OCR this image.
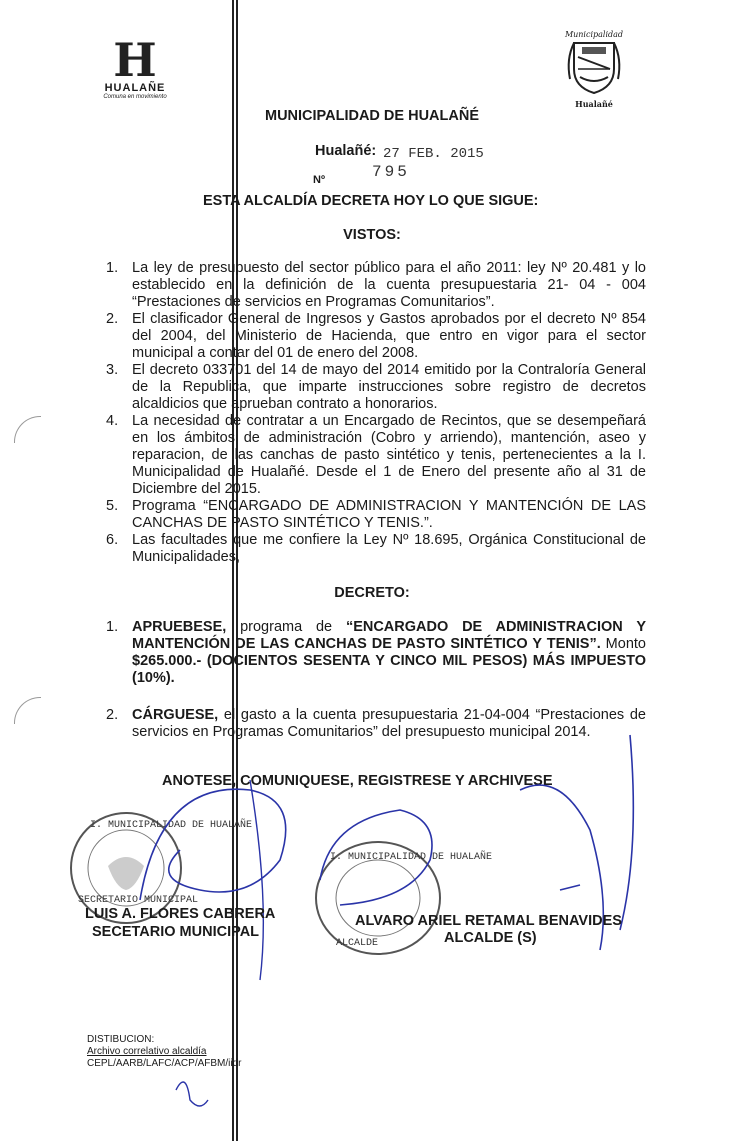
H
HUALAÑE
Comuna en movimiento
Municipalidad
Hualañé
MUNICIPALIDAD DE HUALAÑÉ
Hualañé: 27 FEB. 2015
Nº	795
ESTA ALCALDÍA DECRETA HOY LO QUE SIGUE:
VISTOS:
1. La ley de presupuesto del sector público para el año 2011: ley Nº 20.481 y lo establecido en la definición de la cuenta presupuestaria 21- 04 - 004 “Prestaciones de servicios en Programas Comunitarios”.
2. El clasificador General de Ingresos y Gastos aprobados por el decreto Nº 854 del 2004, del Ministerio de Hacienda, que entro en vigor para el sector municipal a contar del 01 de enero del 2008.
3. El decreto 033701 del 14 de mayo del 2014 emitido por la Contraloría General de la Republica, que imparte instrucciones sobre registro de decretos alcaldicios que aprueban contrato a honorarios.
4. La necesidad de contratar a un Encargado de Recintos, que se desempeñará en los ámbitos de administración (Cobro y arriendo), mantención, aseo y reparacion, de las canchas de pasto sintético y tenis, pertenecientes a la I. Municipalidad de Hualañé. Desde el 1 de Enero del presente año al 31 de Diciembre del 2015.
5. Programa “ENCARGADO DE ADMINISTRACION Y MANTENCIÓN DE LAS CANCHAS DE PASTO SINTÉTICO Y TENIS.”.
6. Las facultades que me confiere la Ley Nº 18.695, Orgánica Constitucional de Municipalidades,
DECRETO:
1. APRUEBESE, programa de “ENCARGADO DE ADMINISTRACION Y MANTENCIÓN DE LAS CANCHAS DE PASTO SINTÉTICO Y TENIS”. Monto $265.000.- (DOCIENTOS SESENTA Y CINCO MIL PESOS) MÁS IMPUESTO (10%).
2. CÁRGUESE, el gasto a la cuenta presupuestaria 21-04-004 “Prestaciones de servicios en Programas Comunitarios” del presupuesto municipal 2014.
ANOTESE, COMUNIQUESE, REGISTRESE Y ARCHIVESE
I. MUNICIPALIDAD DE HUALAÑE
SECRETARIO MUNICIPAL
I. MUNICIPALIDAD DE HUALAÑE
ALCALDE
LUIS A. FLORES CABRERA
SECETARIO MUNICIPAL
ALVARO ARIEL RETAMAL BENAVIDES
ALCALDE (S)
DISTIBUCION:
Archivo correlativo alcaldía
CEPL/AARB/LAFC/ACP/AFBM/iidr
